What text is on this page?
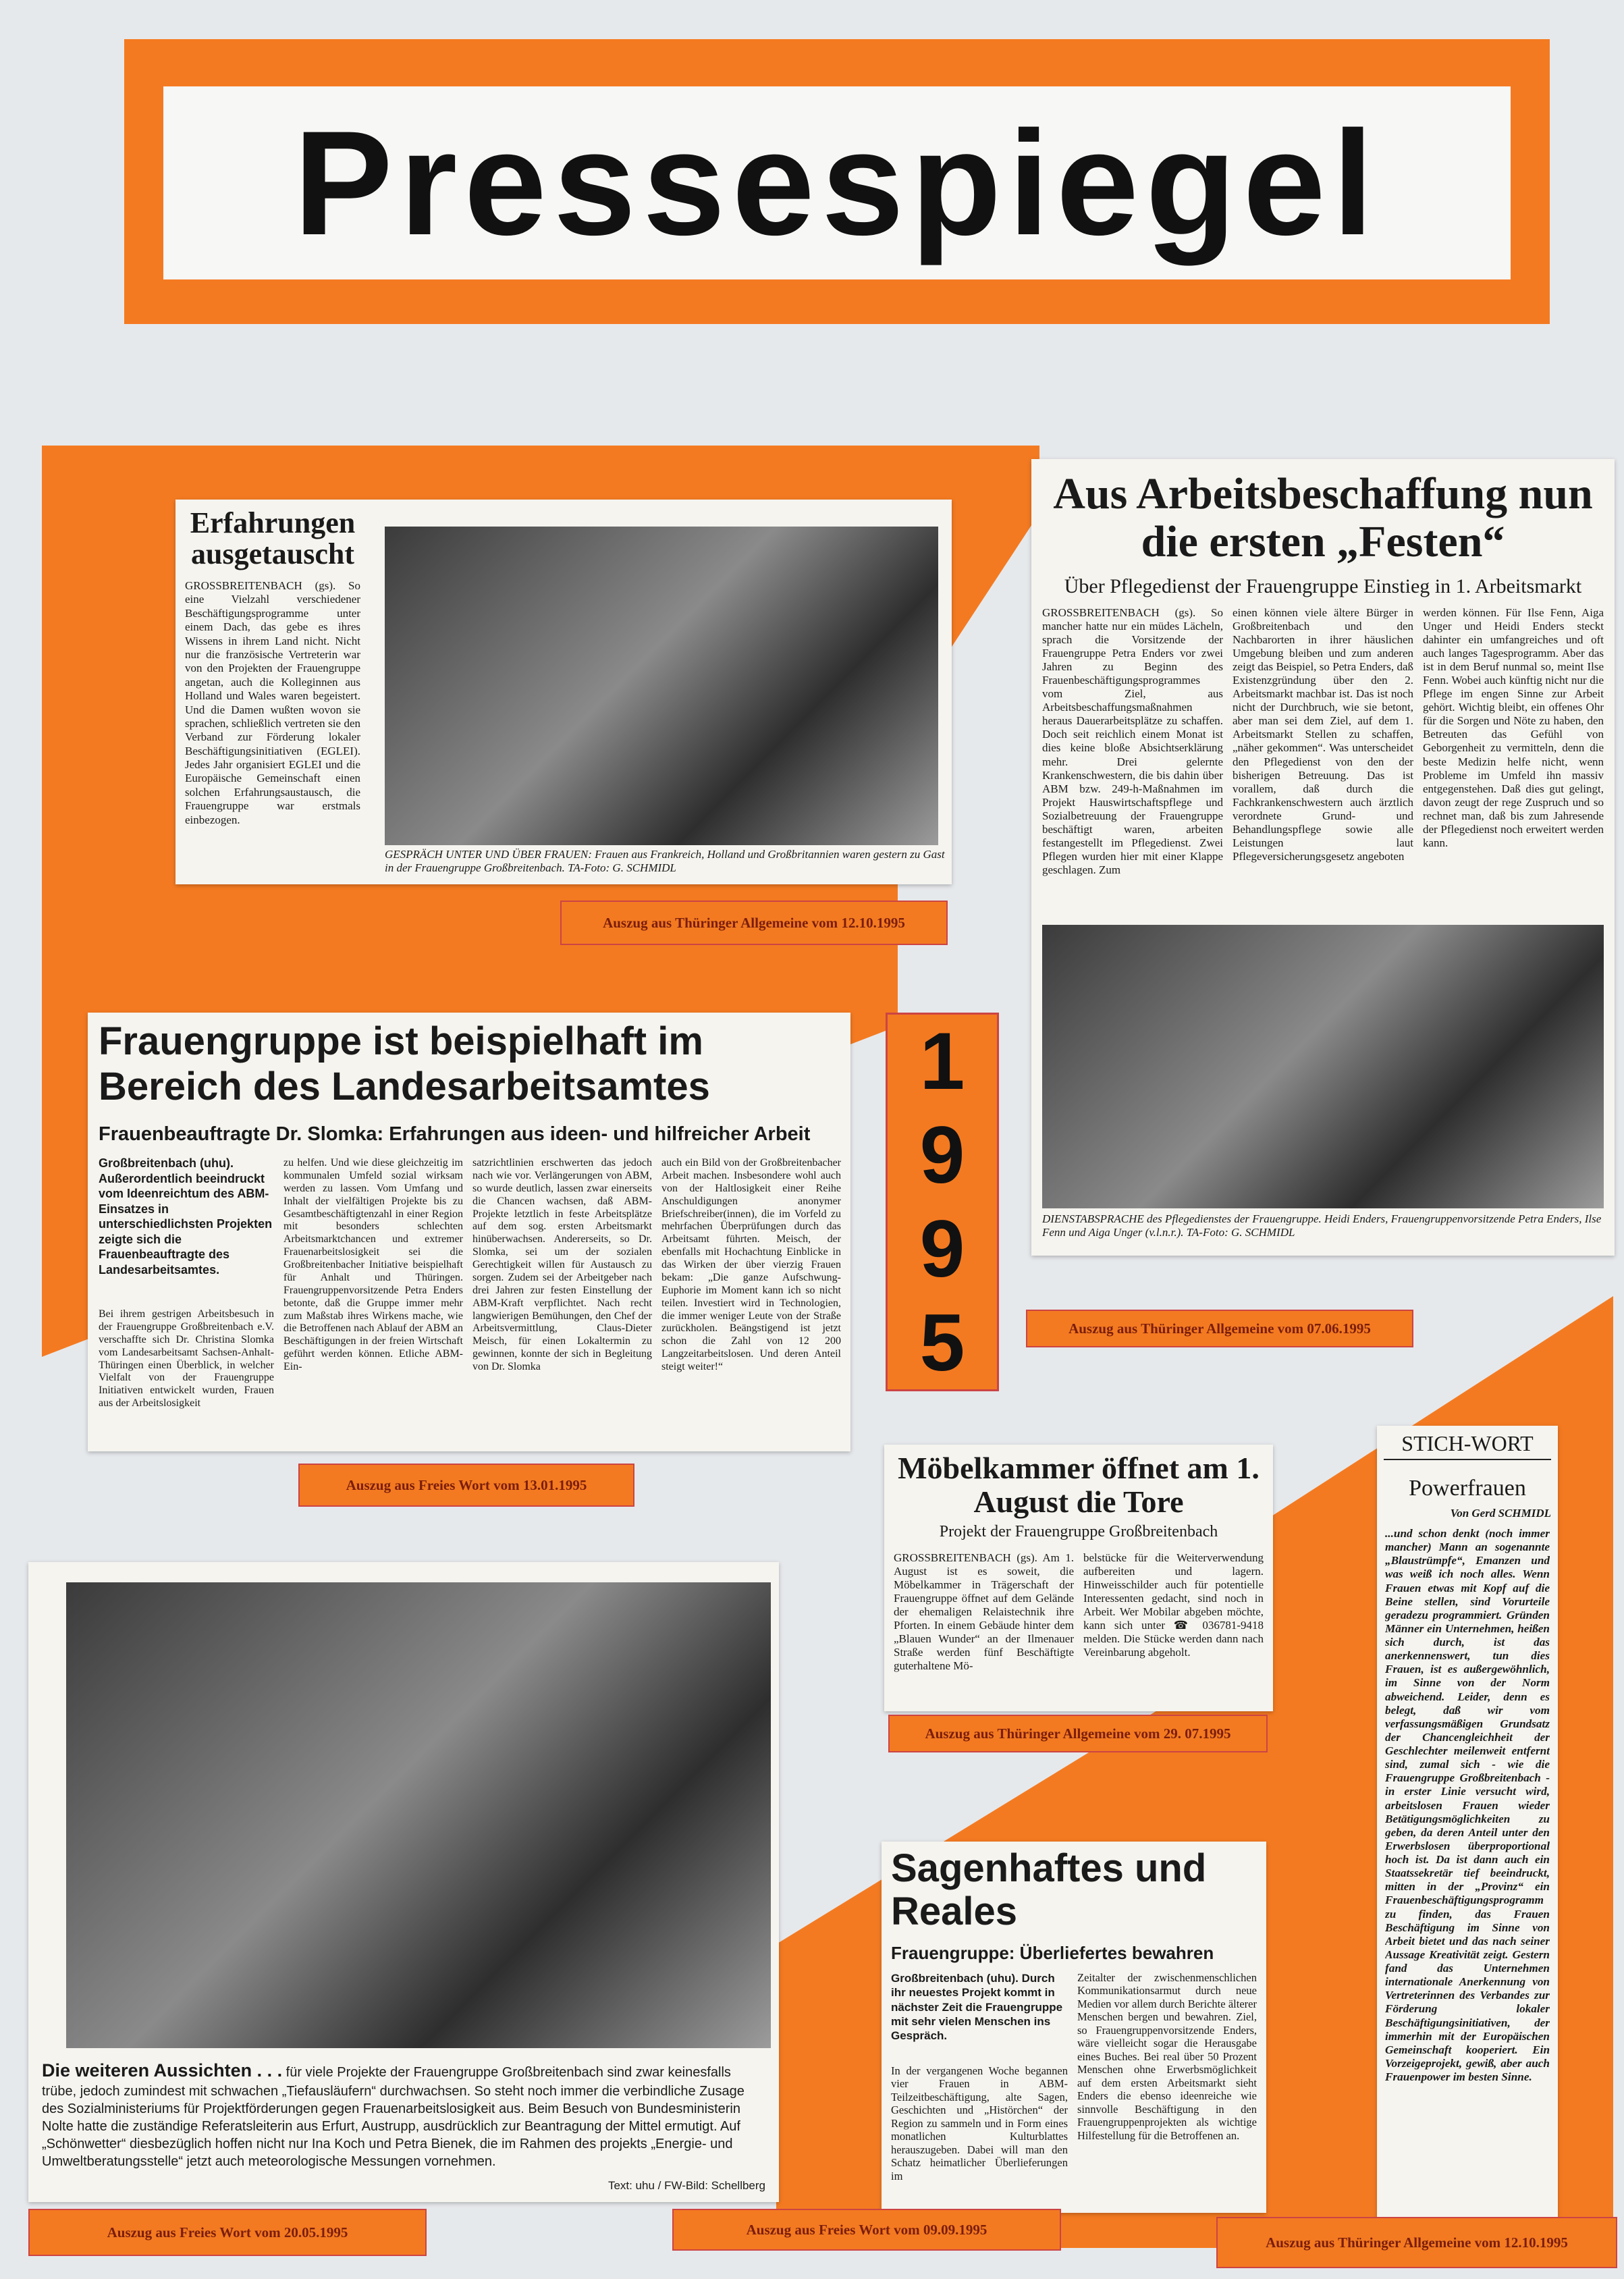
Pressespiegel
1
9
9
5
Erfahrungen ausgetauscht
GROSSBREITENBACH (gs). So eine Vielzahl verschiedener Beschäftigungsprogramme unter einem Dach, das gebe es ihres Wissens in ihrem Land nicht. Nicht nur die französische Vertreterin war von den Projekten der Frauengruppe angetan, auch die Kolleginnen aus Holland und Wales waren begeistert. Und die Damen wußten wovon sie sprachen, schließlich vertreten sie den Verband zur Förderung lokaler Beschäftigungsinitiativen (EGLEI). Jedes Jahr organisiert EGLEI und die Europäische Gemeinschaft einen solchen Erfahrungsaustausch, die Frauengruppe war erstmals einbezogen.
GESPRÄCH UNTER UND ÜBER FRAUEN: Frauen aus Frankreich, Holland und Großbritannien waren gestern zu Gast in der Frauengruppe Großbreitenbach. TA-Foto: G. SCHMIDL
Auszug aus Thüringer Allgemeine vom 12.10.1995
Aus Arbeitsbeschaffung nun die ersten „Festen“
Über Pflegedienst der Frauengruppe Einstieg in 1. Arbeitsmarkt
GROSSBREITENBACH (gs). So mancher hatte nur ein müdes Lächeln, sprach die Vorsitzende der Frauengruppe Petra Enders vor zwei Jahren zu Beginn des Frauenbeschäftigungsprogrammes vom Ziel, aus Arbeitsbeschaffungsmaßnahmen heraus Dauerarbeitsplätze zu schaffen. Doch seit reichlich einem Monat ist dies keine bloße Absichtserklärung mehr. Drei gelernte Krankenschwestern, die bis dahin über ABM bzw. 249-h-Maßnahmen im Projekt Hauswirtschaftspflege und Sozialbetreuung der Frauengruppe beschäftigt waren, arbeiten festangestellt im Pflegedienst. Zwei Pflegen wurden hier mit einer Klappe geschlagen. Zum
einen können viele ältere Bürger in Großbreitenbach und den Nachbarorten in ihrer häuslichen Umgebung bleiben und zum anderen zeigt das Beispiel, so Petra Enders, daß Existenzgründung über den 2. Arbeitsmarkt machbar ist. Das ist noch nicht der Durchbruch, wie sie betont, aber man sei dem Ziel, auf dem 1. Arbeitsmarkt Stellen zu schaffen, „näher gekommen“. Was unterscheidet den Pflegedienst von den der bisherigen Betreuung. Das ist vorallem, daß durch die Fachkrankenschwestern auch ärztlich verordnete Grund- und Behandlungspflege sowie alle Leistungen laut Pflegeversicherungsgesetz angeboten
werden können. Für Ilse Fenn, Aiga Unger und Heidi Enders steckt dahinter ein umfangreiches und oft auch langes Tagesprogramm. Aber das ist in dem Beruf nunmal so, meint Ilse Fenn. Wobei auch künftig nicht nur die Pflege im engen Sinne zur Arbeit gehört. Wichtig bleibt, ein offenes Ohr für die Sorgen und Nöte zu haben, den Betreuten das Gefühl von Geborgenheit zu vermitteln, denn die beste Medizin helfe nicht, wenn Probleme im Umfeld ihn massiv entgegenstehen. Daß dies gut gelingt, davon zeugt der rege Zuspruch und so rechnet man, daß bis zum Jahresende der Pflegedienst noch erweitert werden kann.
DIENSTABSPRACHE des Pflegedienstes der Frauengruppe. Heidi Enders, Frauengruppenvorsitzende Petra Enders, Ilse Fenn und Aiga Unger (v.l.n.r.). TA-Foto: G. SCHMIDL
Auszug aus Thüringer Allgemeine vom 07.06.1995
Frauengruppe ist beispielhaft im Bereich des Landesarbeitsamtes
Frauenbeauftragte Dr. Slomka: Erfahrungen aus ideen- und hilfreicher Arbeit
Großbreitenbach (uhu). Außerordentlich beeindruckt vom Ideenreichtum des ABM-Einsatzes in unterschiedlichsten Projekten zeigte sich die Frauenbeauftragte des Landesarbeitsamtes.
Bei ihrem gestrigen Arbeitsbesuch in der Frauengruppe Großbreitenbach e.V. verschaffte sich Dr. Christina Slomka vom Landesarbeitsamt Sachsen-Anhalt-Thüringen einen Überblick, in welcher Vielfalt von der Frauengruppe Initiativen entwickelt wurden, Frauen aus der Arbeitslosigkeit
zu helfen. Und wie diese gleichzeitig im kommunalen Umfeld sozial wirksam werden zu lassen. Vom Umfang und Inhalt der vielfältigen Projekte bis zu Gesamtbeschäftigtenzahl in einer Region mit besonders schlechten Arbeitsmarktchancen und extremer Frauenarbeitslosigkeit sei die Großbreitenbacher Initiative beispielhaft für Anhalt und Thüringen. Frauengruppenvorsitzende Petra Enders betonte, daß die Gruppe immer mehr zum Maßstab ihres Wirkens mache, wie die Betroffenen nach Ablauf der ABM an Beschäftigungen in der freien Wirtschaft geführt werden können. Etliche ABM-Ein-
satzrichtlinien erschwerten das jedoch nach wie vor. Verlängerungen von ABM, so wurde deutlich, lassen zwar einerseits die Chancen wachsen, daß ABM-Projekte letztlich in feste Arbeitsplätze auf dem sog. ersten Arbeitsmarkt hinüberwachsen. Andererseits, so Dr. Slomka, sei um der sozialen Gerechtigkeit willen für Austausch zu sorgen. Zudem sei der Arbeitgeber nach drei Jahren zur festen Einstellung der ABM-Kraft verpflichtet. Nach recht langwierigen Bemühungen, den Chef der Arbeitsvermittlung, Claus-Dieter Meisch, für einen Lokaltermin zu gewinnen, konnte der sich in Begleitung von Dr. Slomka
auch ein Bild von der Großbreitenbacher Arbeit machen. Insbesondere wohl auch von der Haltlosigkeit einer Reihe Anschuldigungen anonymer Briefschreiber(innen), die im Vorfeld zu mehrfachen Überprüfungen durch das Arbeitsamt führten. Meisch, der ebenfalls mit Hochachtung Einblicke in das Wirken der über vierzig Frauen bekam: „Die ganze Aufschwung-Euphorie im Moment kann ich so nicht teilen. Investiert wird in Technologien, die immer weniger Leute von der Straße zurückholen. Beängstigend ist jetzt schon die Zahl von 12 200 Langzeitarbeitslosen. Und deren Anteil steigt weiter!“
Auszug aus Freies Wort vom 13.01.1995	Möbelkammer öffnet am 1. August die Tore
Projekt der Frauengruppe Großbreitenbach
GROSSBREITENBACH (gs). Am 1. August ist es soweit, die Möbelkammer in Trägerschaft der Frauengruppe öffnet auf dem Gelände der ehemaligen Relaistechnik ihre Pforten. In einem Gebäude hinter dem „Blauen Wunder“ an der Ilmenauer Straße werden fünf Beschäftigte guterhaltene Mö-
belstücke für die Weiterverwendung aufbereiten und lagern. Hinweisschilder auch für potentielle Interessenten gedacht, sind noch in Arbeit. Wer Mobilar abgeben möchte, kann sich unter ☎ 036781-9418 melden. Die Stücke werden dann nach Vereinbarung abgeholt.
Auszug aus Thüringer Allgemeine vom 29. 07.1995
STICH-WORT
Powerfrauen
Von Gerd SCHMIDL
...und schon denkt (noch immer mancher) Mann an sogenannte „Blaustrümpfe“, Emanzen und was weiß ich noch alles. Wenn Frauen etwas mit Kopf auf die Beine stellen, sind Vorurteile geradezu programmiert. Gründen Männer ein Unternehmen, heißen sich durch, ist das anerkennenswert, tun dies Frauen, ist es außergewöhnlich, im Sinne von der Norm abweichend. Leider, denn es belegt, daß wir vom verfassungsmäßigen Grundsatz der Chancengleichheit der Geschlechter meilenweit entfernt sind, zumal sich - wie die Frauengruppe Großbreitenbach - in erster Linie versucht wird, arbeitslosen Frauen wieder Betätigungsmöglichkeiten zu geben, da deren Anteil unter den Erwerbslosen überproportional hoch ist. Da ist dann auch ein Staatssekretär tief beeindruckt, mitten in der „Provinz“ ein Frauenbeschäftigungsprogramm zu finden, das Frauen Beschäftigung im Sinne von Arbeit bietet und das nach seiner Aussage Kreativität zeigt. Gestern fand das Unternehmen internationale Anerkennung von Vertreterinnen des Verbandes zur Förderung lokaler Beschäftigungsinitiativen, der immerhin mit der Europäischen Gemeinschaft kooperiert. Ein Vorzeigeprojekt, gewiß, aber auch Frauenpower im besten Sinne.
Auszug aus Thüringer Allgemeine vom 12.10.1995
Die weiteren Aussichten . . . für viele Projekte der Frauengruppe Großbreitenbach sind zwar keinesfalls trübe, jedoch zumindest mit schwachen „Tiefausläufern“ durchwachsen. So steht noch immer die verbindliche Zusage des Sozialministeriums für Projektförderungen gegen Frauenarbeitslosigkeit aus. Beim Besuch von Bundesministerin Nolte hatte die zuständige Referatsleiterin aus Erfurt, Austrupp, ausdrücklich zur Beantragung der Mittel ermutigt. Auf „Schönwetter“ diesbezüglich hoffen nicht nur Ina Koch und Petra Bienek, die im Rahmen des projekts „Energie- und Umweltberatungsstelle“ jetzt auch meteorologische Messungen vornehmen.
Text: uhu / FW-Bild: Schellberg
Auszug aus Freies Wort vom 20.05.1995
Sagenhaftes und Reales
Frauengruppe: Überliefertes bewahren
Großbreitenbach (uhu). Durch ihr neuestes Projekt kommt in nächster Zeit die Frauengruppe mit sehr vielen Menschen ins Gespräch.
In der vergangenen Woche begannen vier Frauen in ABM-Teilzeitbeschäftigung, alte Sagen, Geschichten und „Histörchen“ der Region zu sammeln und in Form eines monatlichen Kulturblattes herauszugeben. Dabei will man den Schatz heimatlicher Überlieferungen im
Zeitalter der zwischenmenschlichen Kommunikationsarmut durch neue Medien vor allem durch Berichte älterer Menschen bergen und bewahren. Ziel, so Frauengruppenvorsitzende Enders, wäre vielleicht sogar die Herausgabe eines Buches. Bei real über 50 Prozent Menschen ohne Erwerbsmöglichkeit auf dem ersten Arbeitsmarkt sieht Enders die ebenso ideenreiche wie sinnvolle Beschäftigung in den Frauengruppenprojekten als wichtige Hilfestellung für die Betroffenen an.
Auszug aus Freies Wort vom 09.09.1995
